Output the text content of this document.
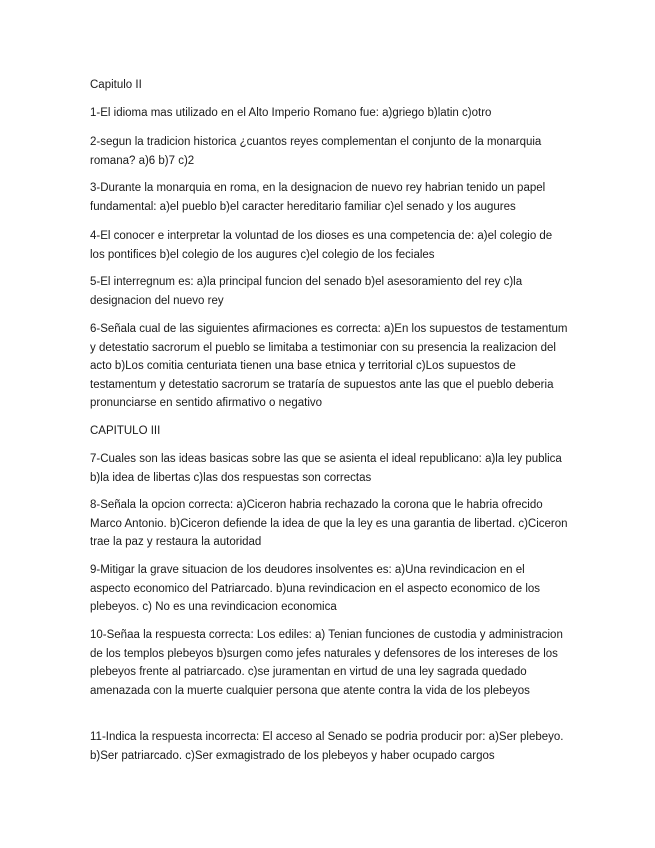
Capitulo II
1-El idioma mas utilizado en el Alto Imperio Romano fue: a)griego b)latin c)otro
2-segun la tradicion historica ¿cuantos reyes complementan el conjunto de la monarquia romana? a)6 b)7 c)2
3-Durante la monarquia en roma, en la designacion de nuevo rey habrian tenido un papel fundamental: a)el pueblo b)el caracter hereditario familiar c)el senado y los augures
4-El conocer e interpretar la voluntad de los dioses es una competencia de: a)el colegio de los pontifices b)el colegio de los augures c)el colegio de los feciales
5-El interregnum es: a)la principal funcion del senado b)el asesoramiento del rey c)la designacion del nuevo rey
6-Señala cual de las siguientes afirmaciones es correcta: a)En los supuestos de testamentum y detestatio sacrorum el pueblo se limitaba a testimoniar con su presencia la realizacion del acto b)Los comitia centuriata tienen una base etnica y territorial c)Los supuestos de testamentum y detestatio sacrorum se trataría de supuestos ante las que el pueblo deberia pronunciarse en sentido afirmativo o negativo
CAPITULO III
7-Cuales son las ideas basicas sobre las que se asienta el ideal republicano: a)la ley publica b)la idea de libertas c)las dos respuestas son correctas
8-Señala la opcion correcta: a)Ciceron habria rechazado la corona que le habria ofrecido Marco Antonio. b)Ciceron defiende la idea de que la ley es una garantia de libertad. c)Ciceron trae la paz y restaura la autoridad
9-Mitigar la grave situacion de los deudores insolventes es: a)Una revindicacion en el aspecto economico del Patriarcado. b)una revindicacion en el aspecto economico de los plebeyos. c) No es una revindicacion economica
10-Señaa la respuesta correcta: Los ediles: a) Tenian funciones de custodia y administracion de los templos plebeyos b)surgen como jefes naturales y defensores de los intereses de los plebeyos frente al patriarcado. c)se juramentan en virtud de una ley sagrada quedado amenazada con la muerte cualquier persona que atente contra la vida de los plebeyos
11-Indica la respuesta incorrecta: El acceso al Senado se podria producir por: a)Ser plebeyo. b)Ser patriarcado. c)Ser exmagistrado de los plebeyos y haber ocupado cargos
